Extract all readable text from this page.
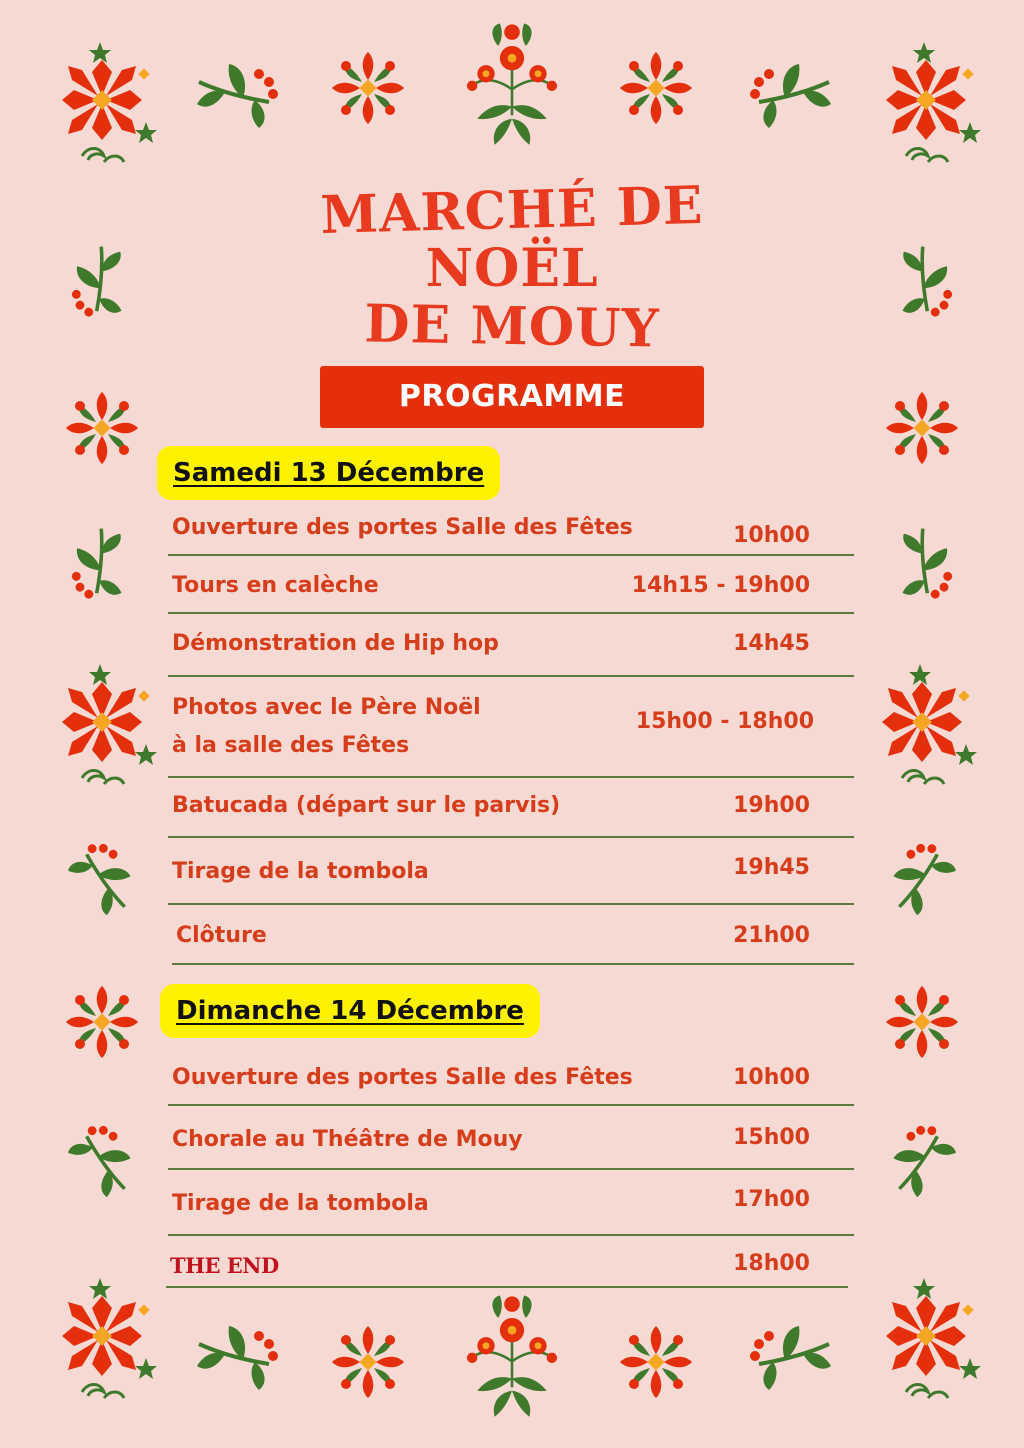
MARCHÉ DE
NOËL
DE MOUY
PROGRAMME
Samedi 13 Décembre
Ouverture des portes Salle des Fêtes	10h00
Tours en calèche	14h15 - 19h00
Démonstration de Hip hop	14h45
Photos avec le Père Noël
à la salle des Fêtes
15h00 - 18h00
Batucada (départ sur le parvis)	19h00
Tirage de la tombola	19h45
Clôture	21h00
Dimanche 14 Décembre
Ouverture des portes Salle des Fêtes	10h00
Chorale au Théâtre de Mouy	15h00
Tirage de la tombola	17h00
THE END	18h00
